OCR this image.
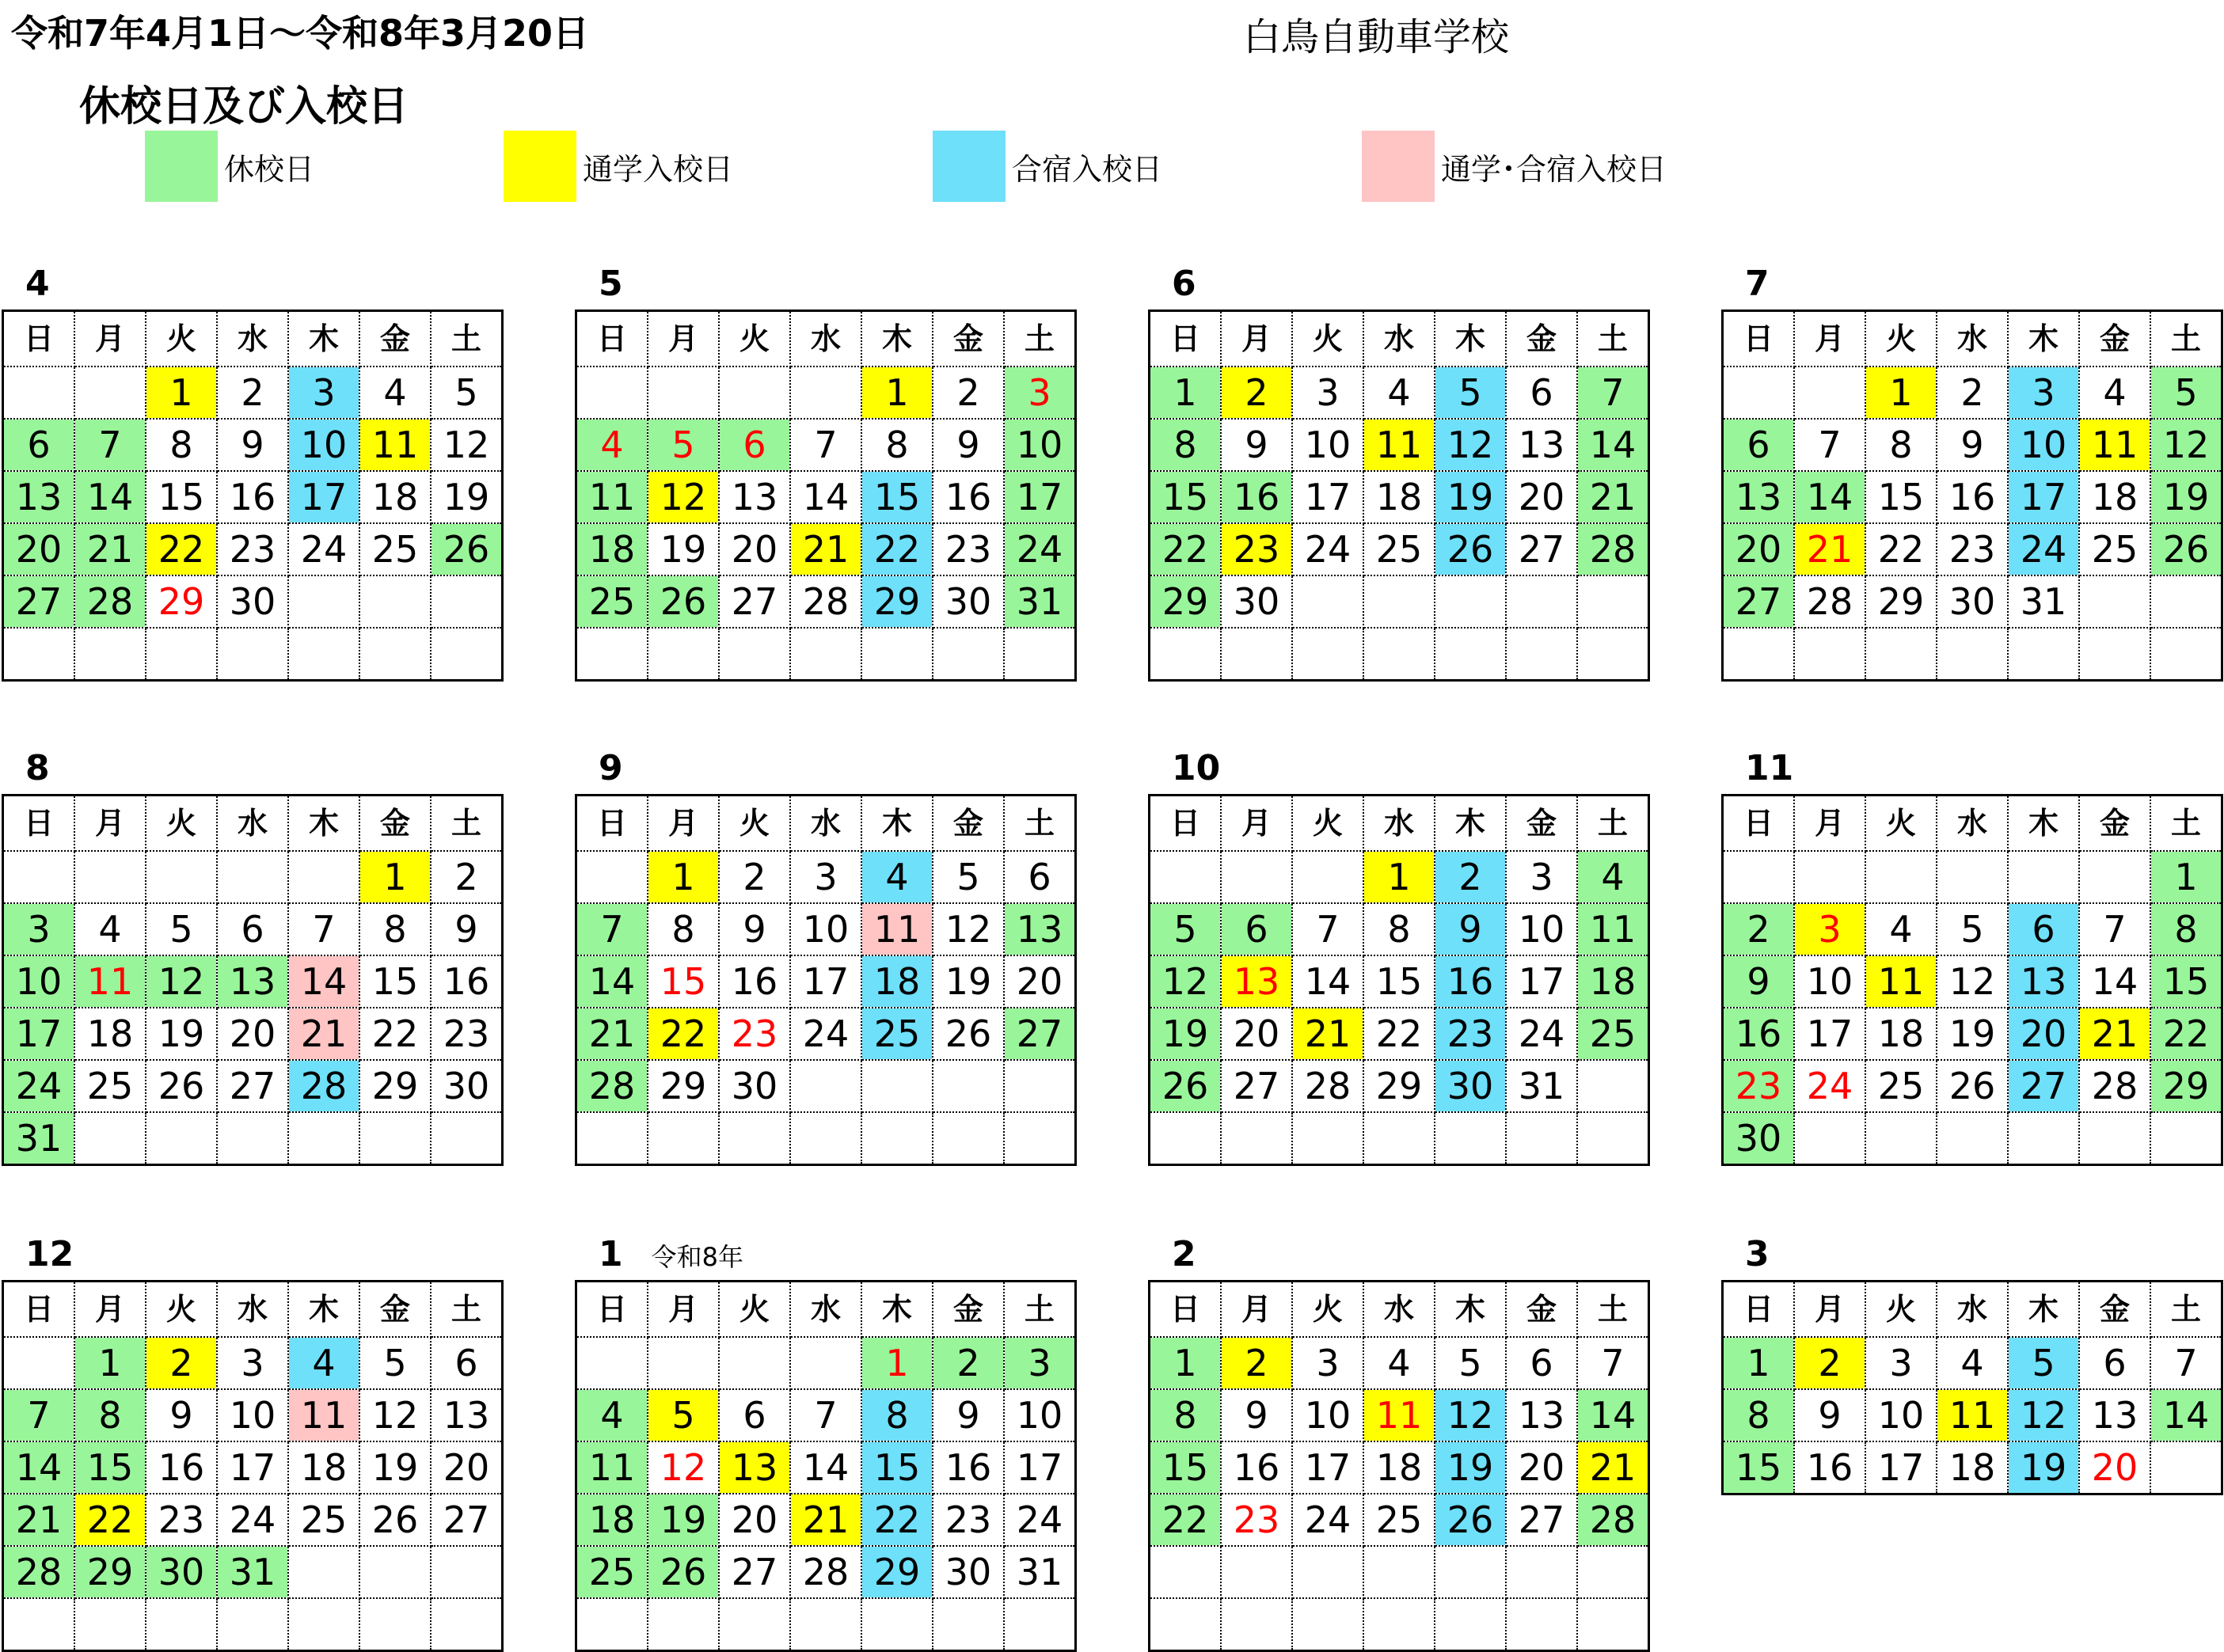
令和7年4月1日～令和8年3月20日	白鳥自動車学校
休校日及び入校日
休校日	通学入校日	合宿入校日	通学･合宿入校日
4
日	月	火	水	木	金	土
		1	2	3	4	5
6	7	8	9	10	11	12
13	14	15	16	17	18	19
20	21	22	23	24	25	26
27	28	29	30			

5
日	月	火	水	木	金	土
				1	2	3
4	5	6	7	8	9	10
11	12	13	14	15	16	17
18	19	20	21	22	23	24
25	26	27	28	29	30	31

6
日	月	火	水	木	金	土
1	2	3	4	5	6	7
8	9	10	11	12	13	14
15	16	17	18	19	20	21
22	23	24	25	26	27	28
29	30					

7
日	月	火	水	木	金	土
		1	2	3	4	5
6	7	8	9	10	11	12
13	14	15	16	17	18	19
20	21	22	23	24	25	26
27	28	29	30	31		

8
日	月	火	水	木	金	土
					1	2
3	4	5	6	7	8	9
10	11	12	13	14	15	16
17	18	19	20	21	22	23
24	25	26	27	28	29	30
31						
9
日	月	火	水	木	金	土
	1	2	3	4	5	6
7	8	9	10	11	12	13
14	15	16	17	18	19	20
21	22	23	24	25	26	27
28	29	30				

10
日	月	火	水	木	金	土
			1	2	3	4
5	6	7	8	9	10	11
12	13	14	15	16	17	18
19	20	21	22	23	24	25
26	27	28	29	30	31	

11
日	月	火	水	木	金	土
						1
2	3	4	5	6	7	8
9	10	11	12	13	14	15
16	17	18	19	20	21	22
23	24	25	26	27	28	29
30						
12
日	月	火	水	木	金	土
	1	2	3	4	5	6
7	8	9	10	11	12	13
14	15	16	17	18	19	20
21	22	23	24	25	26	27
28	29	30	31			

1 令和8年
日	月	火	水	木	金	土
				1	2	3
4	5	6	7	8	9	10
11	12	13	14	15	16	17
18	19	20	21	22	23	24
25	26	27	28	29	30	31

2
日	月	火	水	木	金	土
1	2	3	4	5	6	7
8	9	10	11	12	13	14
15	16	17	18	19	20	21
22	23	24	25	26	27	28

3
日	月	火	水	木	金	土
1	2	3	4	5	6	7
8	9	10	11	12	13	14
15	16	17	18	19	20	
